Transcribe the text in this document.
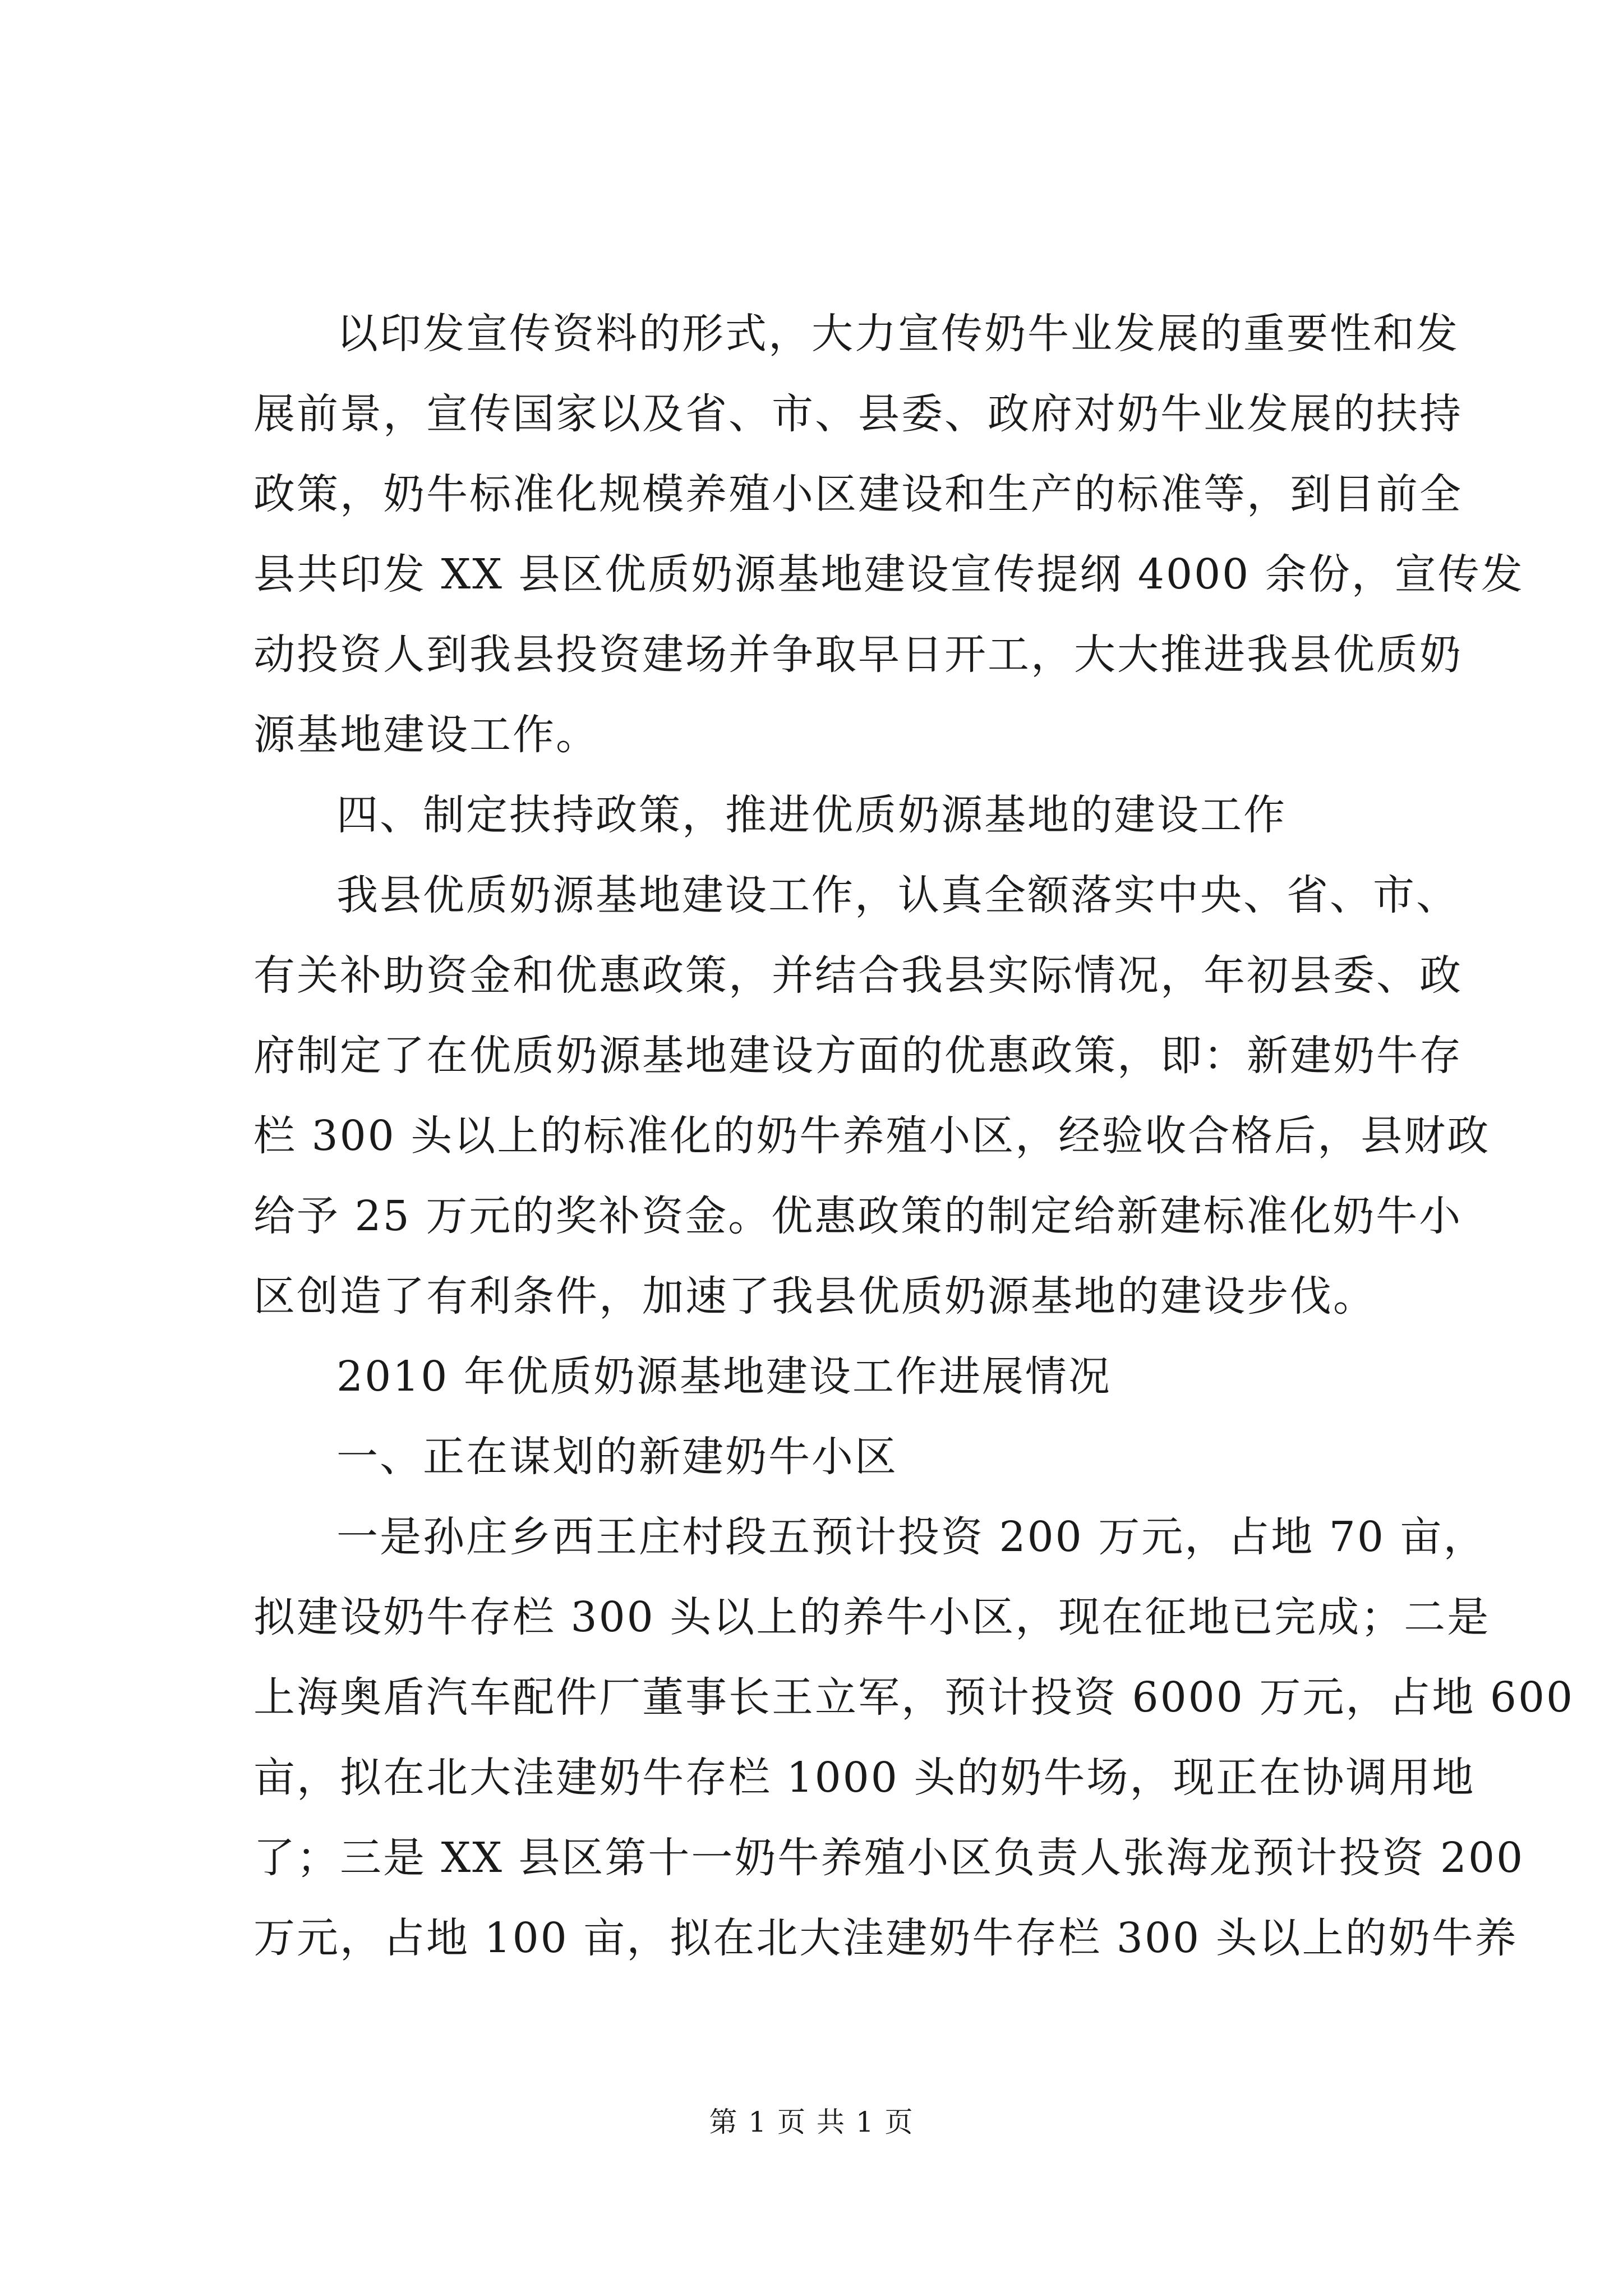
以印发宣传资料的形式，大力宣传奶牛业发展的重要性和发
展前景，宣传国家以及省、市、县委、政府对奶牛业发展的扶持
政策，奶牛标准化规模养殖小区建设和生产的标准等，到目前全
县共印发 XX 县区优质奶源基地建设宣传提纲 4000 余份，宣传发
动投资人到我县投资建场并争取早日开工，大大推进我县优质奶
源基地建设工作。
四、制定扶持政策，推进优质奶源基地的建设工作
我县优质奶源基地建设工作，认真全额落实中央、省、市、
有关补助资金和优惠政策，并结合我县实际情况，年初县委、政
府制定了在优质奶源基地建设方面的优惠政策，即：新建奶牛存
栏 300 头以上的标准化的奶牛养殖小区，经验收合格后，县财政
给予 25 万元的奖补资金。优惠政策的制定给新建标准化奶牛小
区创造了有利条件，加速了我县优质奶源基地的建设步伐。
2010 年优质奶源基地建设工作进展情况
一、正在谋划的新建奶牛小区
一是孙庄乡西王庄村段五预计投资 200 万元，占地 70 亩，
拟建设奶牛存栏 300 头以上的养牛小区，现在征地已完成；二是
上海奥盾汽车配件厂董事长王立军，预计投资 6000 万元，占地 600
亩，拟在北大洼建奶牛存栏 1000 头的奶牛场，现正在协调用地
了；三是 XX 县区第十一奶牛养殖小区负责人张海龙预计投资 200
万元，占地 100 亩，拟在北大洼建奶牛存栏 300 头以上的奶牛养
第 1 页 共 1 页
